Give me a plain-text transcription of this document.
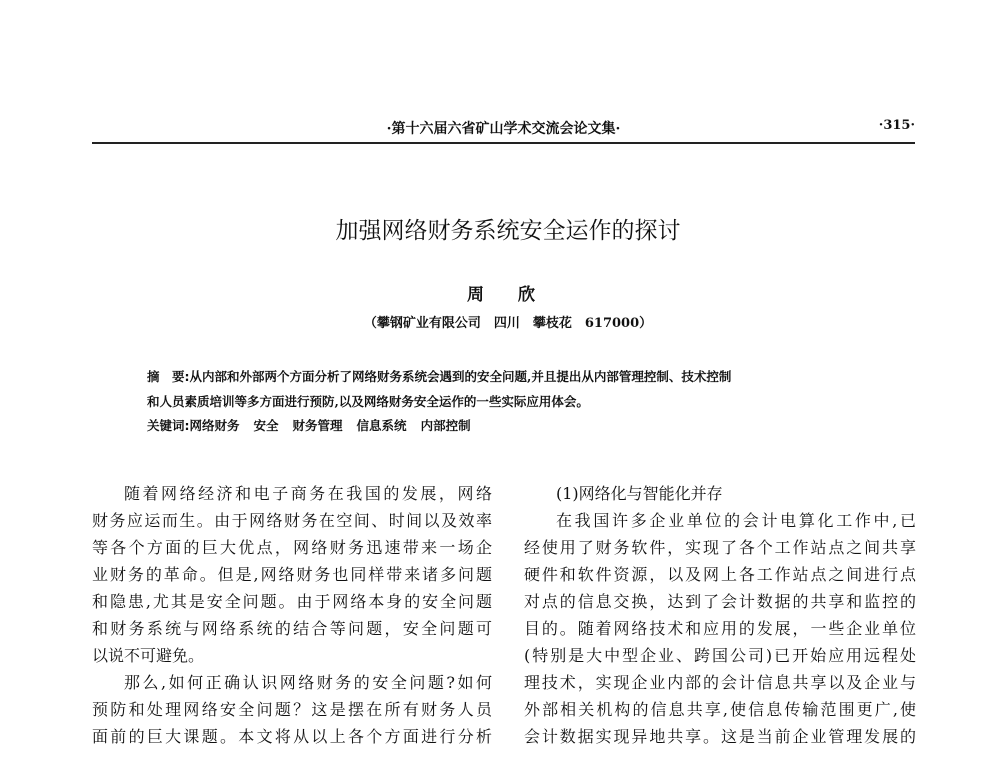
·第十六届六省矿山学术交流会论文集·	·315·
加强网络财务系统安全运作的探讨
周 欣
（攀钢矿业有限公司　四川　攀枝花　617000）
摘　要:从内部和外部两个方面分析了网络财务系统会遇到的安全问题,并且提出从内部管理控制、技术控制
和人员素质培训等多方面进行预防,以及网络财务安全运作的一些实际应用体会。
关键词:网络财务 安全 财务管理 信息系统 内部控制
随着网络经济和电子商务在我国的发展，网络
财务应运而生。由于网络财务在空间、时间以及效率
等各个方面的巨大优点，网络财务迅速带来一场企
业财务的革命。但是,网络财务也同样带来诸多问题
和隐患,尤其是安全问题。由于网络本身的安全问题
和财务系统与网络系统的结合等问题，安全问题可
以说不可避免。
那么,如何正确认识网络财务的安全问题?如何
预防和处理网络安全问题？这是摆在所有财务人员
面前的巨大课题。本文将从以上各个方面进行分析
(1)网络化与智能化并存
在我国许多企业单位的会计电算化工作中,已
经使用了财务软件，实现了各个工作站点之间共享
硬件和软件资源，以及网上各工作站点之间进行点
对点的信息交换，达到了会计数据的共享和监控的
目的。随着网络技术和应用的发展，一些企业单位
(特别是大中型企业、跨国公司)已开始应用远程处
理技术，实现企业内部的会计信息共享以及企业与
外部相关机构的信息共享,使信息传输范围更广,使
会计数据实现异地共享。这是当前企业管理发展的
